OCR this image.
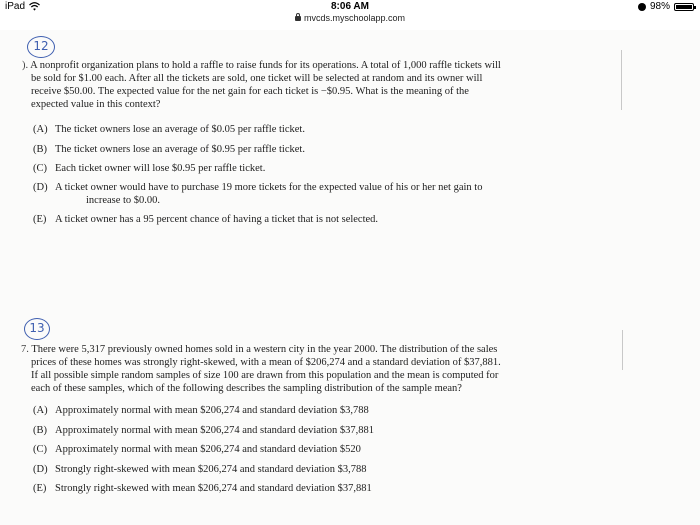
iPad	8:06 AM	98%
mvcds.myschoolapp.com
12
). A nonprofit organization plans to hold a raffle to raise funds for its operations. A total of 1,000 raffle tickets will
be sold for $1.00 each. After all the tickets are sold, one ticket will be selected at random and its owner will
receive $50.00. The expected value for the net gain for each ticket is −$0.95. What is the meaning of the
expected value in this context?
(A) The ticket owners lose an average of $0.05 per raffle ticket.
(B) The ticket owners lose an average of $0.95 per raffle ticket.
(C) Each ticket owner will lose $0.95 per raffle ticket.
(D) A ticket owner would have to purchase 19 more tickets for the expected value of his or her net gain to
increase to $0.00.
(E) A ticket owner has a 95 percent chance of having a ticket that is not selected.
13
7. There were 5,317 previously owned homes sold in a western city in the year 2000. The distribution of the sales
prices of these homes was strongly right-skewed, with a mean of $206,274 and a standard deviation of $37,881.
If all possible simple random samples of size 100 are drawn from this population and the mean is computed for
each of these samples, which of the following describes the sampling distribution of the sample mean?
(A) Approximately normal with mean $206,274 and standard deviation $3,788
(B) Approximately normal with mean $206,274 and standard deviation $37,881
(C) Approximately normal with mean $206,274 and standard deviation $520
(D) Strongly right-skewed with mean $206,274 and standard deviation $3,788
(E) Strongly right-skewed with mean $206,274 and standard deviation $37,881
